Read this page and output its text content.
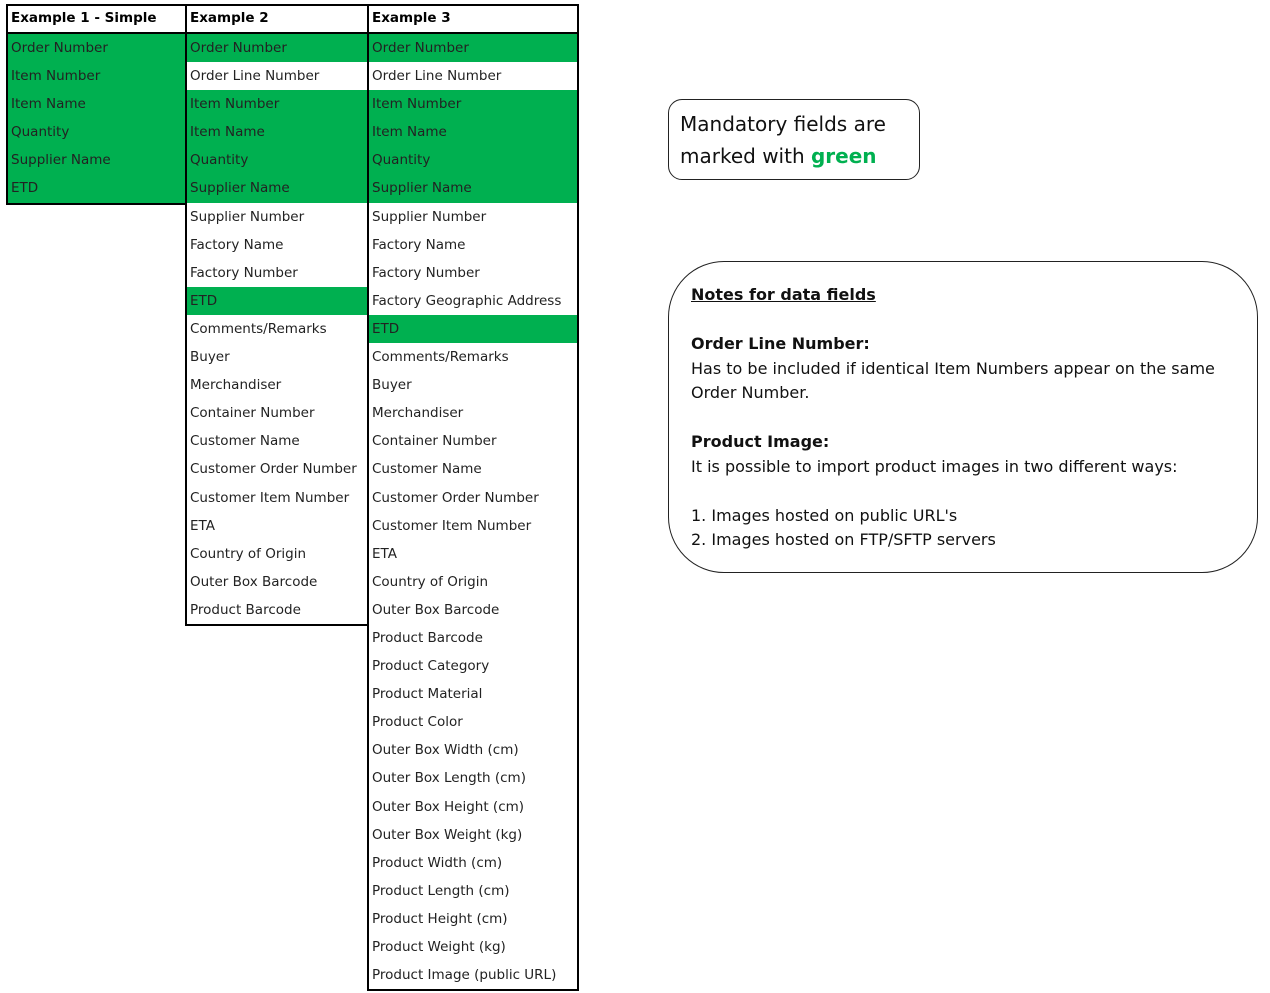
Example 1 - Simple
Order Number
Item Number
Item Name
Quantity
Supplier Name
ETD
Example 2
Order Number
Order Line Number
Item Number
Item Name
Quantity
Supplier Name
Supplier Number
Factory Name
Factory Number
ETD
Comments/Remarks
Buyer
Merchandiser
Container Number
Customer Name
Customer Order Number
Customer Item Number
ETA
Country of Origin
Outer Box Barcode
Product Barcode
Example 3
Order Number
Order Line Number
Item Number
Item Name
Quantity
Supplier Name
Supplier Number
Factory Name
Factory Number
Factory Geographic Address
ETD
Comments/Remarks
Buyer
Merchandiser
Container Number
Customer Name
Customer Order Number
Customer Item Number
ETA
Country of Origin
Outer Box Barcode
Product Barcode
Product Category
Product Material
Product Color
Outer Box Width (cm)
Outer Box Length (cm)
Outer Box Height (cm)
Outer Box Weight (kg)
Product Width (cm)
Product Length (cm)
Product Height (cm)
Product Weight (kg)
Product Image (public URL)
Mandatory fields are marked with green
Notes for data fields
Order Line Number:
Has to be included if identical Item Numbers appear on the same Order Number.
Product Image:
It is possible to import product images in two different ways:
1. Images hosted on public URL's
2. Images hosted on FTP/SFTP servers
